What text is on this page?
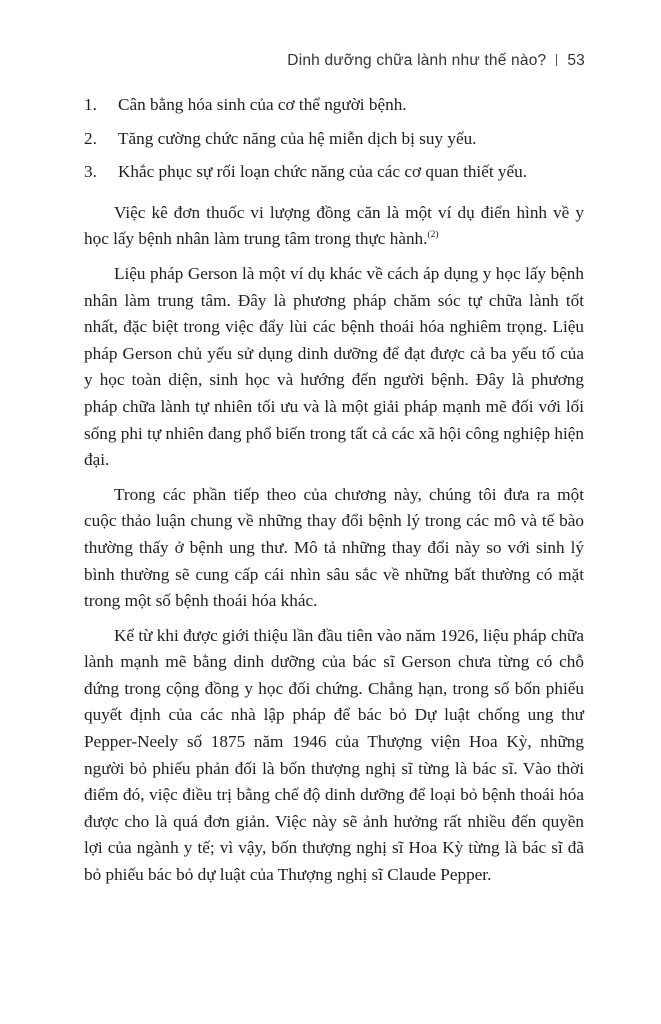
Dinh dưỡng chữa lành như thế nào? 53
1.	Cân bằng hóa sinh của cơ thể người bệnh.
2.	Tăng cường chức năng của hệ miễn dịch bị suy yếu.
3.	Khắc phục sự rối loạn chức năng của các cơ quan thiết yếu.

Việc kê đơn thuốc vi lượng đồng căn là một ví dụ điển hình về y học lấy bệnh nhân làm trung tâm trong thực hành.$^{(2)}$

Liệu pháp Gerson là một ví dụ khác về cách áp dụng y học lấy bệnh nhân làm trung tâm. Đây là phương pháp chăm sóc tự chữa lành tốt nhất, đặc biệt trong việc đẩy lùi các bệnh thoái hóa nghiêm trọng. Liệu pháp Gerson chủ yếu sử dụng dinh dưỡng để đạt được cả ba yếu tố của y học toàn diện, sinh học và hướng đến người bệnh. Đây là phương pháp chữa lành tự nhiên tối ưu và là một giải pháp mạnh mẽ đối với lối sống phi tự nhiên đang phổ biến trong tất cả các xã hội công nghiệp hiện đại.

Trong các phần tiếp theo của chương này, chúng tôi đưa ra một cuộc thảo luận chung về những thay đổi bệnh lý trong các mô và tế bào thường thấy ở bệnh ung thư. Mô tả những thay đổi này so với sinh lý bình thường sẽ cung cấp cái nhìn sâu sắc về những bất thường có mặt trong một số bệnh thoái hóa khác.

Kể từ khi được giới thiệu lần đầu tiên vào năm 1926, liệu pháp chữa lành mạnh mẽ bằng dinh dưỡng của bác sĩ Gerson chưa từng có chỗ đứng trong cộng đồng y học đối chứng. Chẳng hạn, trong số bốn phiếu quyết định của các nhà lập pháp để bác bỏ Dự luật chống ung thư Pepper-Neely số 1875 năm 1946 của Thượng viện Hoa Kỳ, những người bỏ phiếu phản đối là bốn thượng nghị sĩ từng là bác sĩ. Vào thời điểm đó, việc điều trị bằng chế độ dinh dưỡng để loại bỏ bệnh thoái hóa được cho là quá đơn giản. Việc này sẽ ảnh hưởng rất nhiều đến quyền lợi của ngành y tế; vì vậy, bốn thượng nghị sĩ Hoa Kỳ từng là bác sĩ đã bỏ phiếu bác bỏ dự luật của Thượng nghị sĩ Claude Pepper.
